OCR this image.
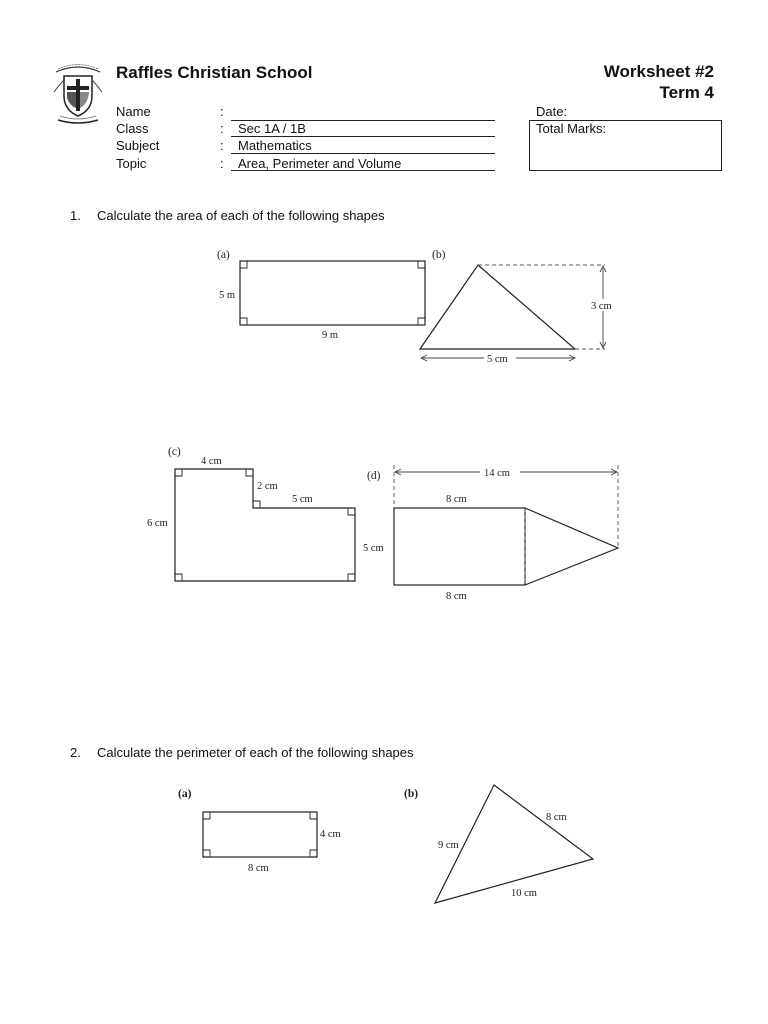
Raffles Christian School	Worksheet #2
Term 4
Name	:
Class	: Sec 1A / 1B
Subject	: Mathematics
Topic	: Area, Perimeter and Volume
Date:
Total Marks:
1. Calculate the area of each of the following shapes
(a)
5 m
9 m
(b)
3 cm
5 cm
(c)
4 cm
2 cm
5 cm
6 cm
(d)	14 cm
8 cm
5 cm
8 cm
(a)
4 cm
8 cm
(b)
9 cm
8 cm
10 cm
2. Calculate the perimeter of each of the following shapes
